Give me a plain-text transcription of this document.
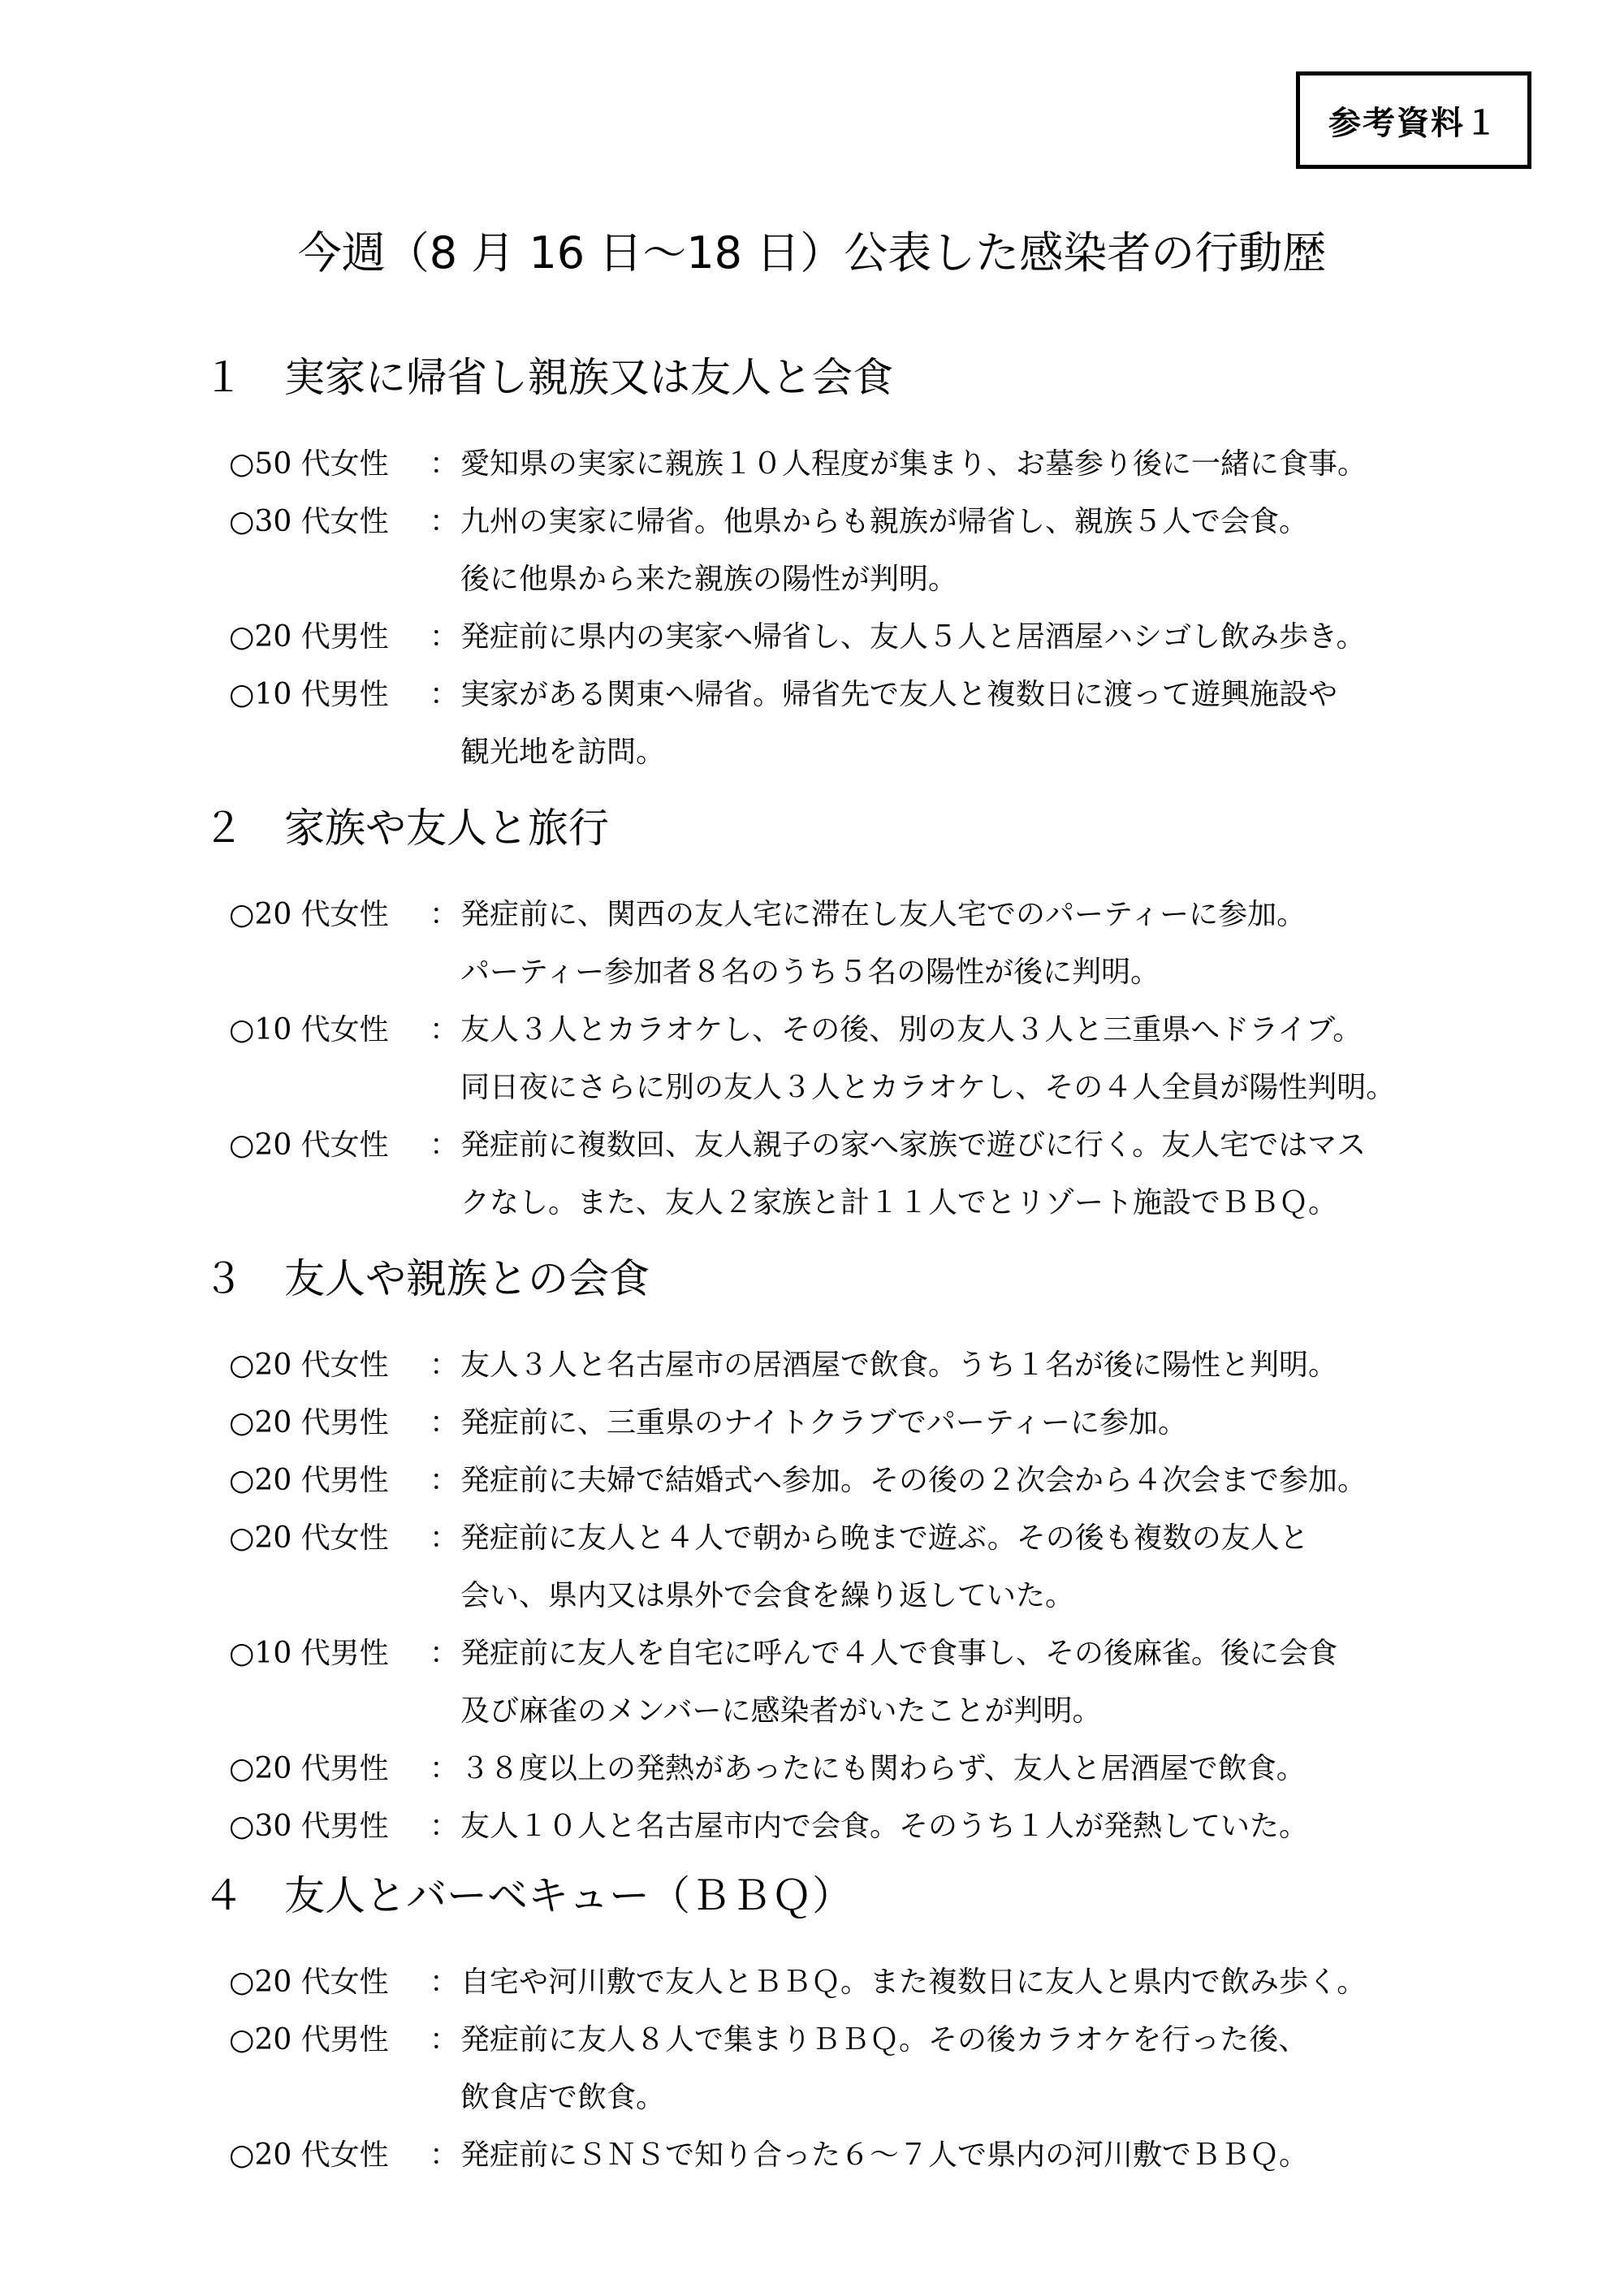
参考資料１
今週（8 月 16 日～18 日）公表した感染者の行動歴
１ 実家に帰省し親族又は友人と会食
○50 代女性	： 愛知県の実家に親族１０人程度が集まり、お墓参り後に一緒に食事。
○30 代女性	： 九州の実家に帰省。他県からも親族が帰省し、親族５人で会食。
後に他県から来た親族の陽性が判明。
○20 代男性	： 発症前に県内の実家へ帰省し、友人５人と居酒屋ハシゴし飲み歩き。
○10 代男性	： 実家がある関東へ帰省。帰省先で友人と複数日に渡って遊興施設や
観光地を訪問。
２ 家族や友人と旅行
○20 代女性	： 発症前に、関西の友人宅に滞在し友人宅でのパーティーに参加。
パーティー参加者８名のうち５名の陽性が後に判明。
○10 代女性	： 友人３人とカラオケし、その後、別の友人３人と三重県へドライブ。
同日夜にさらに別の友人３人とカラオケし、その４人全員が陽性判明。
○20 代女性	： 発症前に複数回、友人親子の家へ家族で遊びに行く。友人宅ではマス
クなし。また、友人２家族と計１１人でとリゾート施設でＢＢＱ。
３ 友人や親族との会食
○20 代女性	： 友人３人と名古屋市の居酒屋で飲食。うち１名が後に陽性と判明。
○20 代男性	： 発症前に、三重県のナイトクラブでパーティーに参加。
○20 代男性	： 発症前に夫婦で結婚式へ参加。その後の２次会から４次会まで参加。
○20 代女性	： 発症前に友人と４人で朝から晩まで遊ぶ。その後も複数の友人と
会い、県内又は県外で会食を繰り返していた。
○10 代男性	： 発症前に友人を自宅に呼んで４人で食事し、その後麻雀。後に会食
及び麻雀のメンバーに感染者がいたことが判明。
○20 代男性	： ３８度以上の発熱があったにも関わらず、友人と居酒屋で飲食。
○30 代男性	： 友人１０人と名古屋市内で会食。そのうち１人が発熱していた。
４ 友人とバーベキュー（ＢＢＱ）
○20 代女性	： 自宅や河川敷で友人とＢＢＱ。また複数日に友人と県内で飲み歩く。
○20 代男性	： 発症前に友人８人で集まりＢＢＱ。その後カラオケを行った後、
飲食店で飲食。
○20 代女性	： 発症前にＳＮＳで知り合った６～７人で県内の河川敷でＢＢＱ。
